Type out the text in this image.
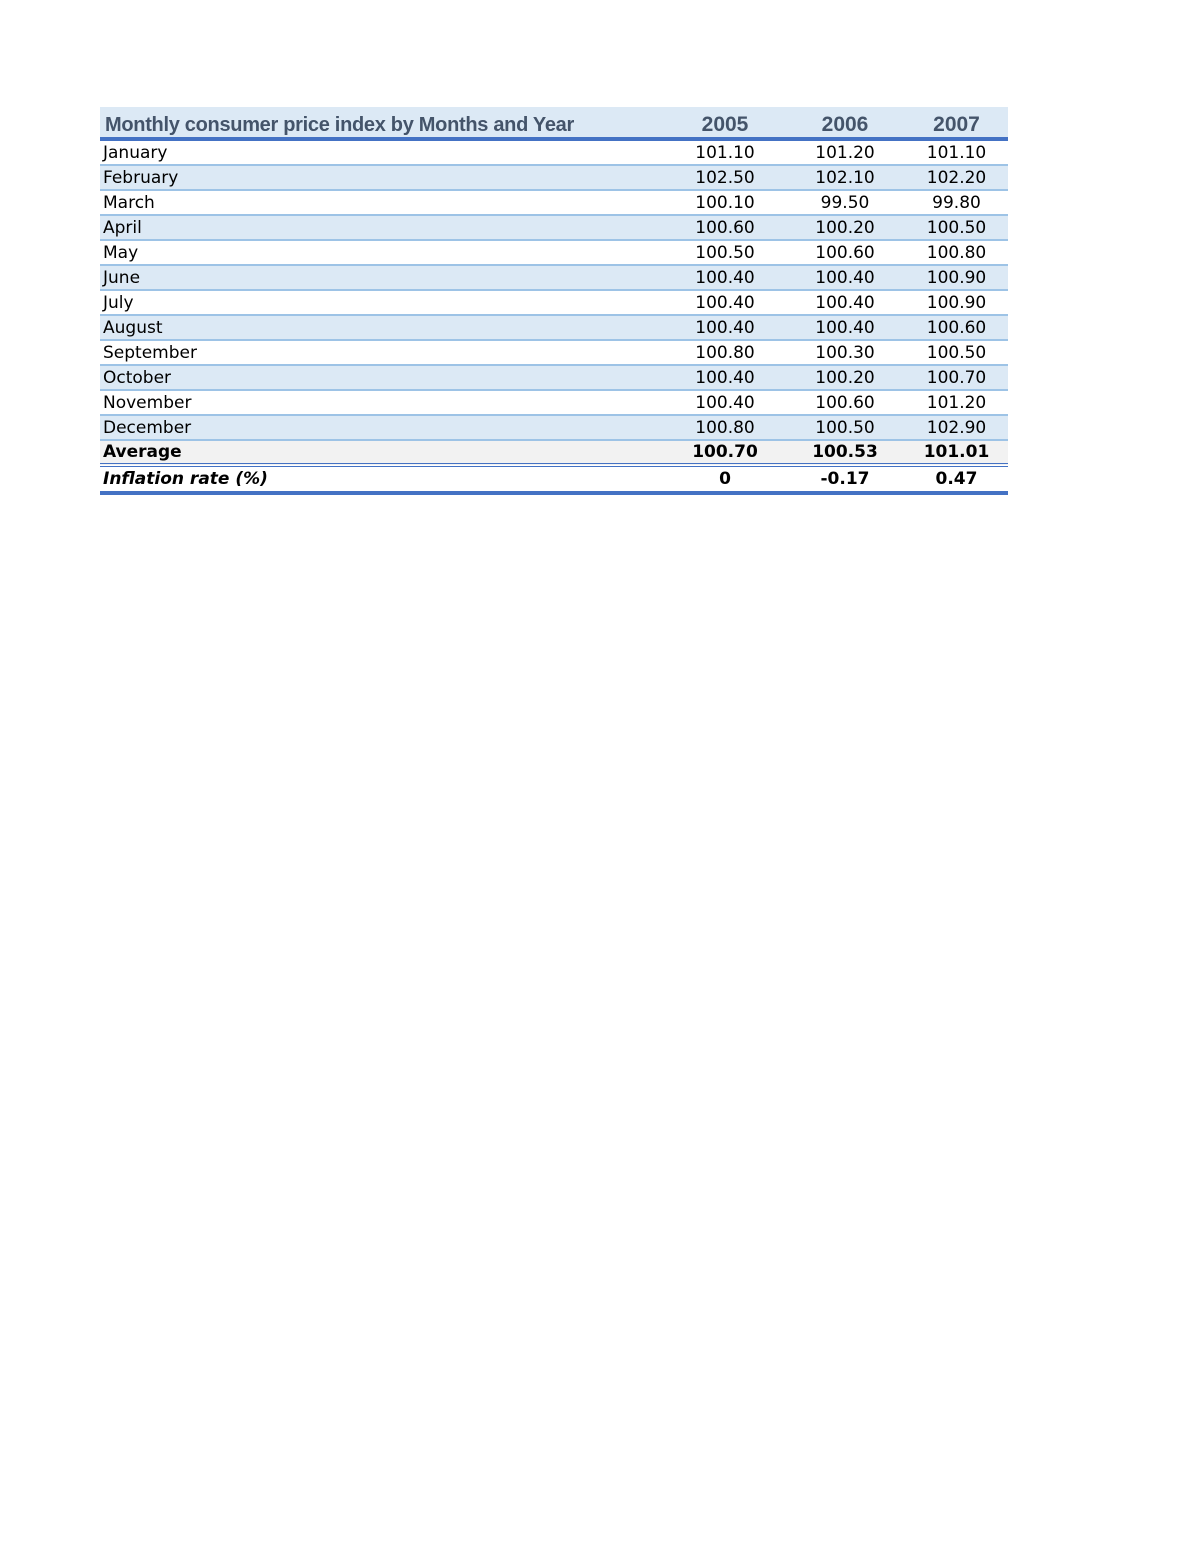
Monthly consumer price index by Months and Year	2005	2006	2007
January	101.10	101.20	101.10
February	102.50	102.10	102.20
March	100.10	99.50	99.80
April	100.60	100.20	100.50
May	100.50	100.60	100.80
June	100.40	100.40	100.90
July	100.40	100.40	100.90
August	100.40	100.40	100.60
September	100.80	100.30	100.50
October	100.40	100.20	100.70
November	100.40	100.60	101.20
December	100.80	100.50	102.90
Average	100.70	100.53	101.01
Inflation rate (%)	0	-0.17	0.47
